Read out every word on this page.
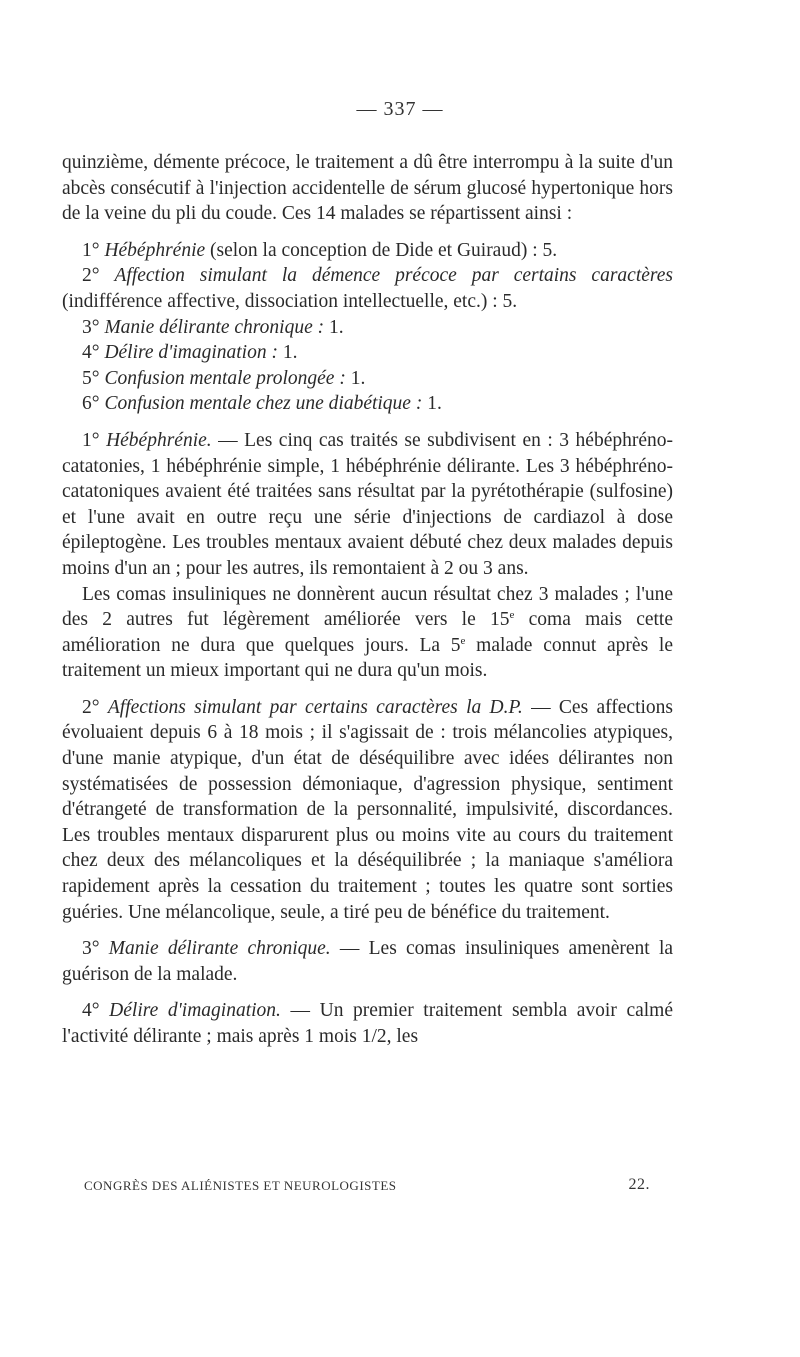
— 337 —

quinzième, démente précoce, le traitement a dû être interrompu à la suite d'un abcès consécutif à l'injection accidentelle de sérum glucosé hypertonique hors de la veine du pli du coude. Ces 14 malades se répartissent ainsi :

1° Hébéphrénie (selon la conception de Dide et Guiraud) : 5.

2° Affection simulant la démence précoce par certains caractères (indifférence affective, dissociation intellectuelle, etc.) : 5.

3° Manie délirante chronique : 1.

4° Délire d'imagination : 1.

5° Confusion mentale prolongée : 1.

6° Confusion mentale chez une diabétique : 1.

1° Hébéphrénie. — Les cinq cas traités se subdivisent en : 3 hébéphréno-catatonies, 1 hébéphrénie simple, 1 hébéphrénie délirante. Les 3 hébéphréno-catatoniques avaient été traitées sans résultat par la pyrétothérapie (sulfosine) et l'une avait en outre reçu une série d'injections de cardiazol à dose épileptogène. Les troubles mentaux avaient débuté chez deux malades depuis moins d'un an ; pour les autres, ils remontaient à 2 ou 3 ans.

Les comas insuliniques ne donnèrent aucun résultat chez 3 malades ; l'une des 2 autres fut légèrement améliorée vers le 15e coma mais cette amélioration ne dura que quelques jours. La 5e malade connut après le traitement un mieux important qui ne dura qu'un mois.

2° Affections simulant par certains caractères la D.P. — Ces affections évoluaient depuis 6 à 18 mois ; il s'agissait de : trois mélancolies atypiques, d'une manie atypique, d'un état de déséquilibre avec idées délirantes non systématisées de possession démoniaque, d'agression physique, sentiment d'étrangeté de transformation de la personnalité, impulsivité, discordances. Les troubles mentaux disparurent plus ou moins vite au cours du traitement chez deux des mélancoliques et la déséquilibrée ; la maniaque s'améliora rapidement après la cessation du traitement ; toutes les quatre sont sorties guéries. Une mélancolique, seule, a tiré peu de bénéfice du traitement.

3° Manie délirante chronique. — Les comas insuliniques amenèrent la guérison de la malade.

4° Délire d'imagination. — Un premier traitement sembla avoir calmé l'activité délirante ; mais après 1 mois 1/2, les

CONGRÈS DES ALIÉNISTES ET NEUROLOGISTES	22.
